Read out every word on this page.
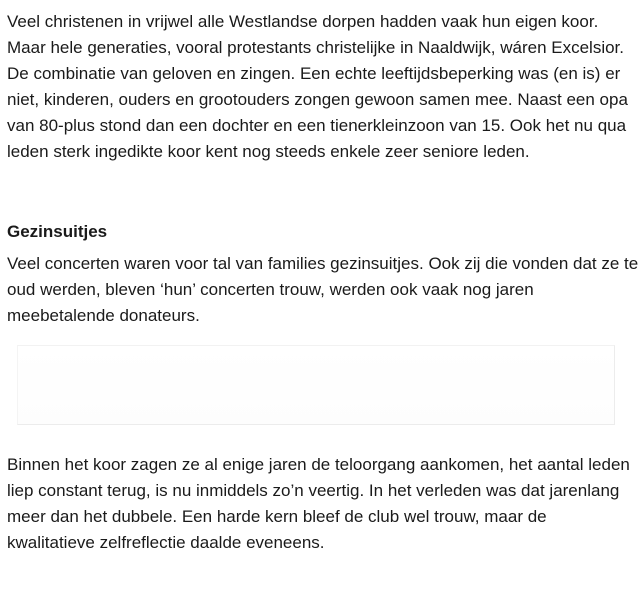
Veel christenen in vrijwel alle Westlandse dorpen hadden vaak hun eigen koor. Maar hele generaties, vooral protestants christelijke in Naaldwijk, wáren Excelsior. De combinatie van geloven en zingen. Een echte leeftijdsbeperking was (en is) er niet, kinderen, ouders en grootouders zongen gewoon samen mee. Naast een opa van 80-plus stond dan een dochter en een tienerkleinzoon van 15. Ook het nu qua leden sterk ingedikte koor kent nog steeds enkele zeer seniore leden.

Gezinsuitjes

Veel concerten waren voor tal van families gezinsuitjes. Ook zij die vonden dat ze te oud werden, bleven ‘hun’ concerten trouw, werden ook vaak nog jaren meebetalende donateurs.

Binnen het koor zagen ze al enige jaren de teloorgang aankomen, het aantal leden liep constant terug, is nu inmiddels zo’n veertig. In het verleden was dat jarenlang meer dan het dubbele. Een harde kern bleef de club wel trouw, maar de kwalitatieve zelfreflectie daalde eveneens.
